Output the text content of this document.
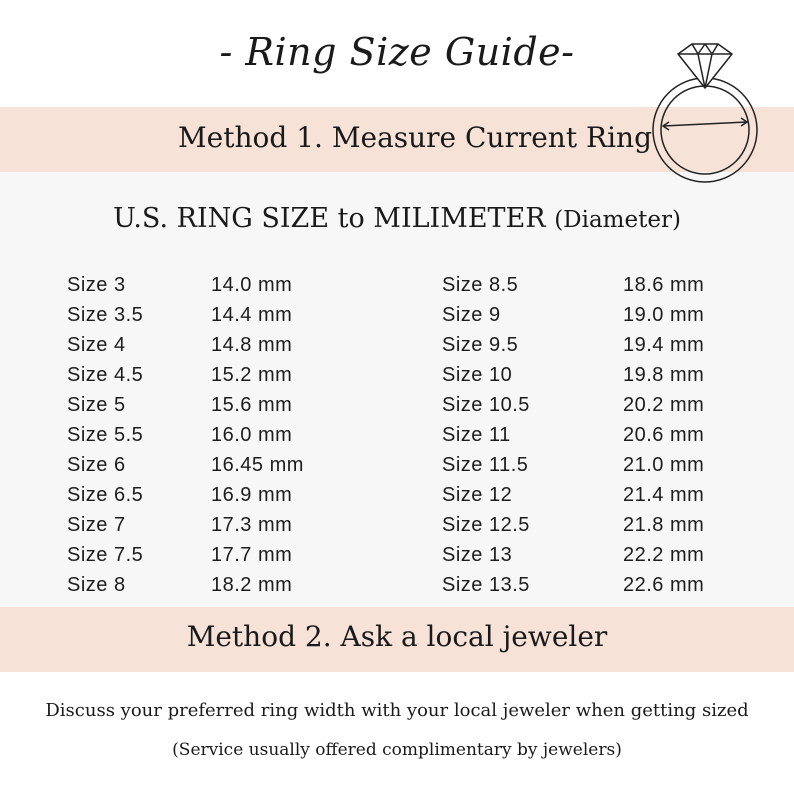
- Ring Size Guide-
Method 1. Measure Current Ring
U.S. RING SIZE to MILIMETER (Diameter)
Size 3
Size 3.5
Size 4
Size 4.5
Size 5
Size 5.5
Size 6
Size 6.5
Size 7
Size 7.5
Size 8
14.0 mm
14.4 mm
14.8 mm
15.2 mm
15.6 mm
16.0 mm
16.45 mm
16.9 mm
17.3 mm
17.7 mm
18.2 mm
Size 8.5
Size 9
Size 9.5
Size 10
Size 10.5
Size 11
Size 11.5
Size 12
Size 12.5
Size 13
Size 13.5
18.6 mm
19.0 mm
19.4 mm
19.8 mm
20.2 mm
20.6 mm
21.0 mm
21.4 mm
21.8 mm
22.2 mm
22.6 mm
Method 2. Ask a local jeweler
Discuss your preferred ring width with your local jeweler when getting sized
(Service usually offered complimentary by jewelers)
